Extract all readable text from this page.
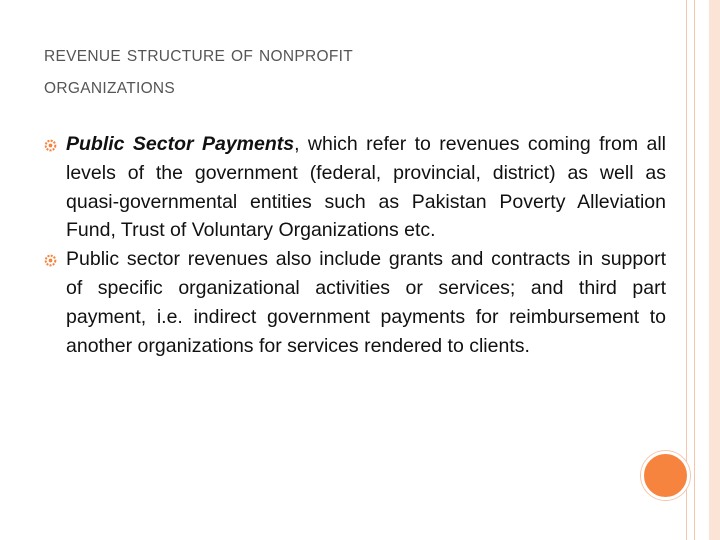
REVENUE STRUCTURE OF NONPROFIT
ORGANIZATIONS
Public Sector Payments, which refer to revenues coming from all levels of the government (federal, provincial, district) as well as quasi-governmental entities such as Pakistan Poverty Alleviation Fund, Trust of Voluntary Organizations etc.
Public sector revenues also include grants and contracts in support of specific organizational activities or services; and third part payment, i.e. indirect government payments for reimbursement to another organizations for services rendered to clients.
